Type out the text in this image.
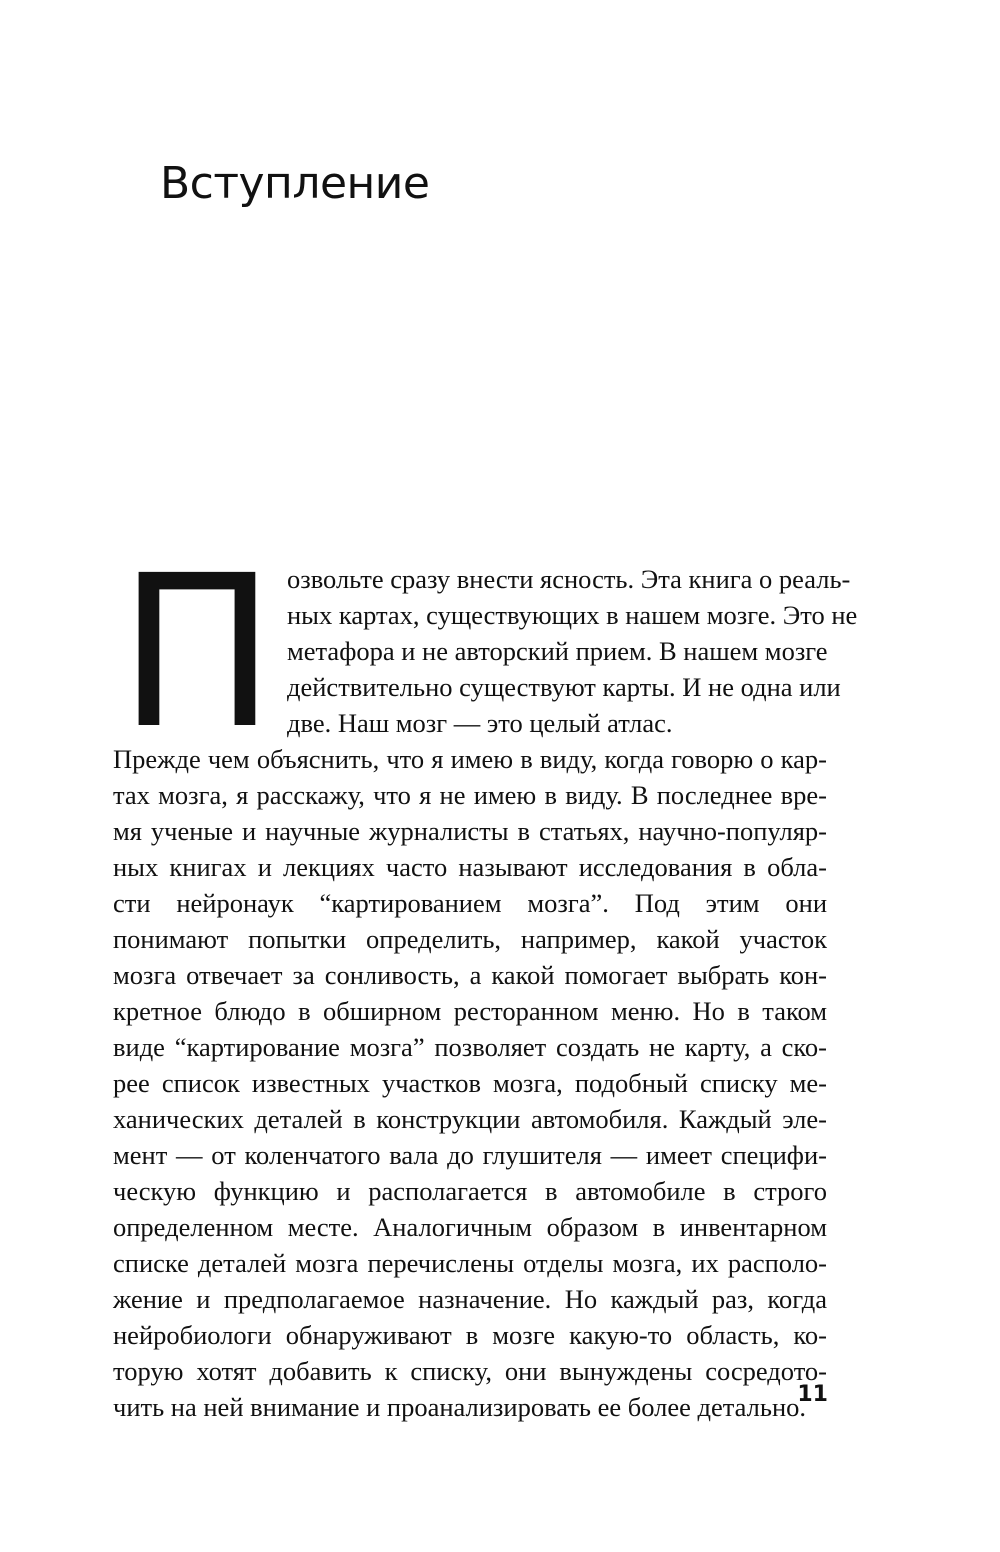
Вступление
П озвольте сразу внести ясность. Эта книга о реаль-
ных картах, существующих в нашем мозге. Это не
метафора и не авторский прием. В нашем мозге
действительно существуют карты. И не одна или
две. Наш мозг — это целый атлас.
Прежде чем объяснить, что я имею в виду, когда говорю о кар-
тах мозга, я расскажу, что я не имею в виду. В последнее вре-
мя ученые и научные журналисты в статьях, научно-популяр-
ных книгах и лекциях часто называют исследования в обла-
сти нейронаук “картированием мозга”. Под этим они
понимают попытки определить, например, какой участок
мозга отвечает за сонливость, а какой помогает выбрать кон-
кретное блюдо в обширном ресторанном меню. Но в таком
виде “картирование мозга” позволяет создать не карту, а ско-
рее список известных участков мозга, подобный списку ме-
ханических деталей в конструкции автомобиля. Каждый эле-
мент — от коленчатого вала до глушителя — имеет специфи-
ческую функцию и располагается в автомобиле в строго
определенном месте. Аналогичным образом в инвентарном
списке деталей мозга перечислены отделы мозга, их располо-
жение и предполагаемое назначение. Но каждый раз, когда
нейробиологи обнаруживают в мозге какую-то область, ко-
торую хотят добавить к списку, они вынуждены сосредото-
чить на ней внимание и проанализировать ее более детально.
11
